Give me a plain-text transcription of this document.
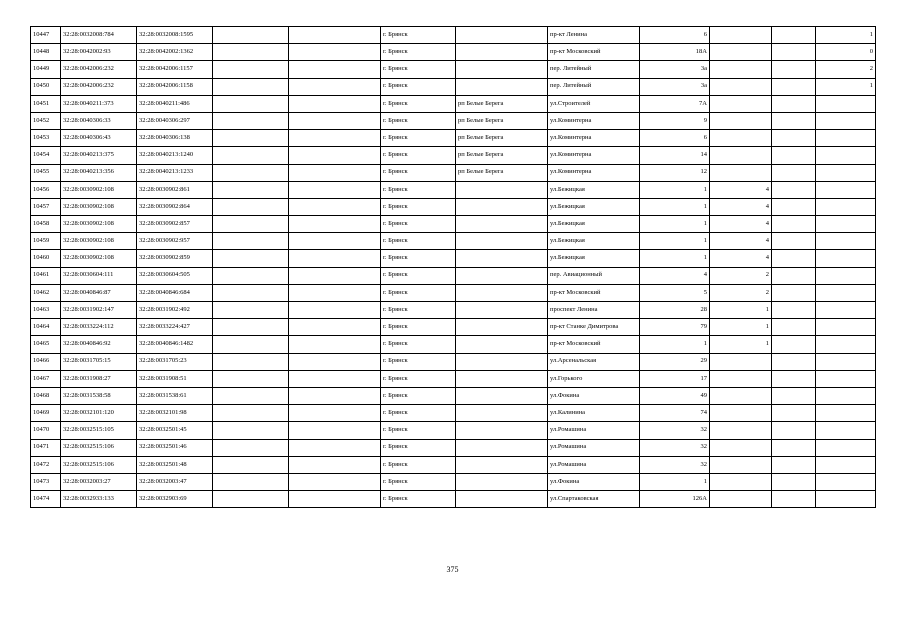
10447	32:28:0032008:784	32:28:0032008:1595			г. Брянск		пр-кт Ленина	6			1
10448	32:28:0042002:93	32:28:0042002:1362			г. Брянск		пр-кт Московский	18А			0
10449	32:28:0042006:232	32:28:0042006:1157			г. Брянск		пер. Литейный	3а			2
10450	32:28:0042006:232	32:28:0042006:1158			г. Брянск		пер. Литейный	3а			1
10451	32:28:0040211:373	32:28:0040211:486			г. Брянск	рп Белые Берега	ул.Строителей	7А			
10452	32:28:0040306:33	32:28:0040306:297			г. Брянск	рп Белые Берега	ул.Коминтерна	9			
10453	32:28:0040306:43	32:28:0040306:138			г. Брянск	рп Белые Берега	ул.Коминтерна	6			
10454	32:28:0040213:375	32:28:0040213:1240			г. Брянск	рп Белые Берега	ул.Коминтерна	14			
10455	32:28:0040213:356	32:28:0040213:1233			г. Брянск	рп Белые Берега	ул.Коминтерна	12			
10456	32:28:0030902:108	32:28:0030902:861			г. Брянск		ул.Бежицкая	1	4		
10457	32:28:0030902:108	32:28:0030902:864			г. Брянск		ул.Бежицкая	1	4		
10458	32:28:0030902:108	32:28:0030902:857			г. Брянск		ул.Бежицкая	1	4		
10459	32:28:0030902:108	32:28:0030902:957			г. Брянск		ул.Бежицкая	1	4		
10460	32:28:0030902:108	32:28:0030902:859			г. Брянск		ул.Бежицкая	1	4		
10461	32:28:0030604:111	32:28:0030604:505			г. Брянск		пер. Авиационный	4	2		
10462	32:28:0040846:87	32:28:0040846:684			г. Брянск		пр-кт Московский	5	2		
10463	32:28:0031902:147	32:28:0031902:492			г. Брянск		проспект Ленина	28	1		
10464	32:28:0033224:112	32:28:0033224:427			г. Брянск		пр-кт Станке Димитрова	79	1		
10465	32:28:0040846:92	32:28:0040846:1482			г. Брянск		пр-кт Московский	1	1		
10466	32:28:0031705:15	32:28:0031705:23			г. Брянск		ул.Арсенальская	29			
10467	32:28:0031908:27	32:28:0031908:51			г. Брянск		ул.Горького	17			
10468	32:28:0031538:58	32:28:0031538:61			г. Брянск		ул.Фокина	49			
10469	32:28:0032101:120	32:28:0032101:98			г. Брянск		ул.Калинина	74			
10470	32:28:0032515:105	32:28:0032501:45			г. Брянск		ул.Ромашина	32			
10471	32:28:0032515:106	32:28:0032501:46			г. Брянск		ул.Ромашина	32			
10472	32:28:0032515:106	32:28:0032501:48			г. Брянск		ул.Ромашина	32			
10473	32:28:0032003:27	32:28:0032003:47			г. Брянск		ул.Фокина	1			
10474	32:28:0032933:133	32:28:0032903:69			г. Брянск		ул.Спартаковская	126А			
375
